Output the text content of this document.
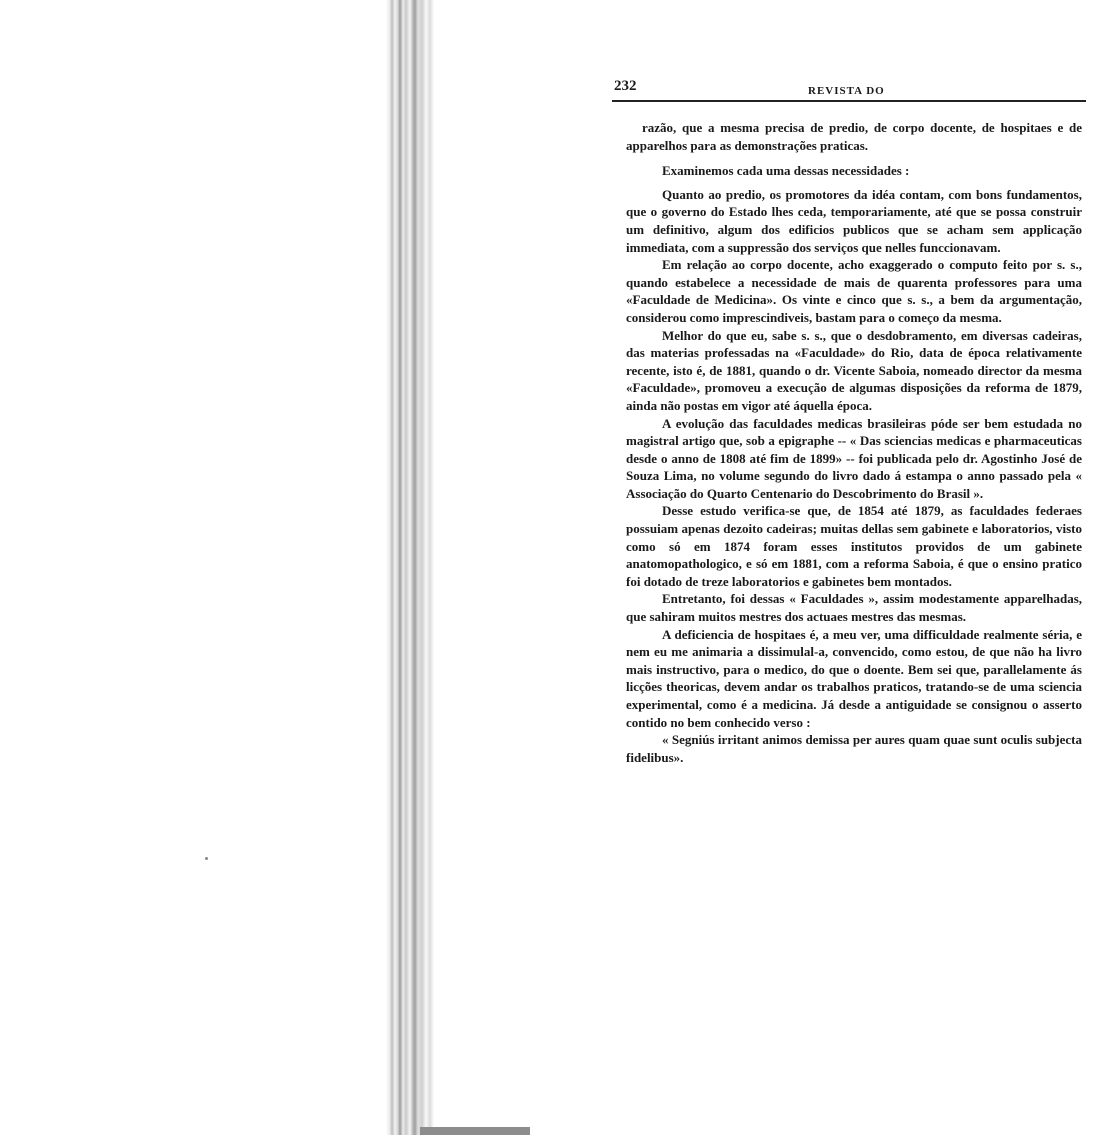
232	REVISTA DO

razão, que a mesma precisa de predio, de corpo docente, de hospitaes e de apparelhos para as demonstrações praticas.

Examinemos cada uma dessas necessidades :

Quanto ao predio, os promotores da idéa contam, com bons fundamentos, que o governo do Estado lhes ceda, temporariamente, até que se possa construir um definitivo, algum dos edificios publicos que se acham sem applicação immediata, com a suppressão dos serviços que nelles funccionavam.

Em relação ao corpo docente, acho exaggerado o computo feito por s. s., quando estabelece a necessidade de mais de quarenta professores para uma «Faculdade de Medicina». Os vinte e cinco que s. s., a bem da argumentação, considerou como imprescindiveis, bastam para o começo da mesma.

Melhor do que eu, sabe s. s., que o desdobramento, em diversas cadeiras, das materias professadas na «Faculdade» do Rio, data de época relativamente recente, isto é, de 1881, quando o dr. Vicente Saboia, nomeado director da mesma «Faculdade», promoveu a execução de algumas disposições da reforma de 1879, ainda não postas em vigor até áquella época.

A evolução das faculdades medicas brasileiras póde ser bem estudada no magistral artigo que, sob a epigraphe -- « Das sciencias medicas e pharmaceuticas desde o anno de 1808 até fim de 1899» -- foi publicada pelo dr. Agostinho José de Souza Lima, no volume segundo do livro dado á estampa o anno passado pela « Associação do Quarto Centenario do Descobrimento do Brasil ».

Desse estudo verifica-se que, de 1854 até 1879, as faculdades federaes possuiam apenas dezoito cadeiras; muitas dellas sem gabinete e laboratorios, visto como só em 1874 foram esses institutos providos de um gabinete anatomopathologico, e só em 1881, com a reforma Saboia, é que o ensino pratico foi dotado de treze laboratorios e gabinetes bem montados.

Entretanto, foi dessas « Faculdades », assim modestamente apparelhadas, que sahiram muitos mestres dos actuaes mestres das mesmas.

A deficiencia de hospitaes é, a meu ver, uma difficuldade realmente séria, e nem eu me animaria a dissimulal-a, convencido, como estou, de que não ha livro mais instructivo, para o medico, do que o doente. Bem sei que, parallelamente ás licções theoricas, devem andar os trabalhos praticos, tratando-se de uma sciencia experimental, como é a medicina. Já desde a antiguidade se consignou o asserto contido no bem conhecido verso :

« Segniús irritant animos demissa per aures quam quae sunt oculis subjecta fidelibus».
